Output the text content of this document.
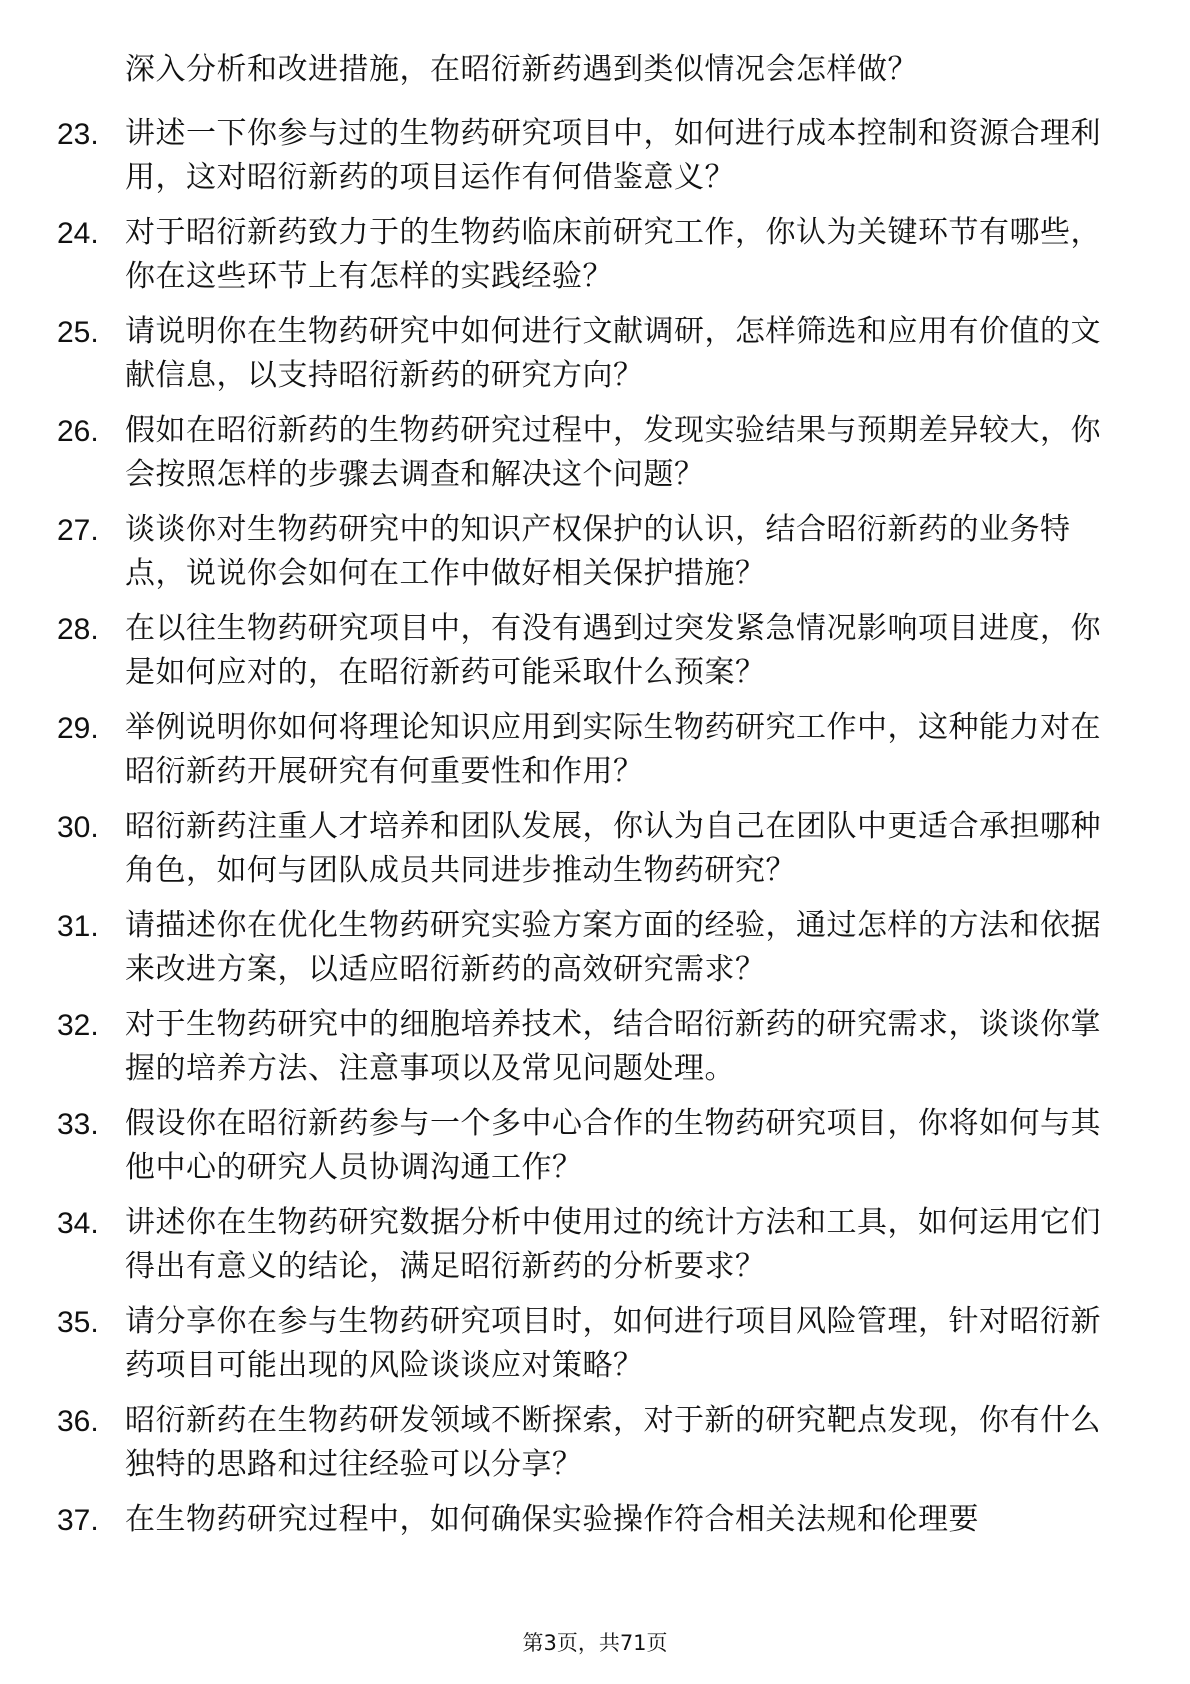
深入分析和改进措施，在昭衍新药遇到类似情况会怎样做？
23. 讲述一下你参与过的生物药研究项目中，如何进行成本控制和资源合理利用，这对昭衍新药的项目运作有何借鉴意义？
24. 对于昭衍新药致力于的生物药临床前研究工作，你认为关键环节有哪些，你在这些环节上有怎样的实践经验？
25. 请说明你在生物药研究中如何进行文献调研，怎样筛选和应用有价值的文献信息，以支持昭衍新药的研究方向？
26. 假如在昭衍新药的生物药研究过程中，发现实验结果与预期差异较大，你会按照怎样的步骤去调查和解决这个问题？
27. 谈谈你对生物药研究中的知识产权保护的认识，结合昭衍新药的业务特点，说说你会如何在工作中做好相关保护措施？
28. 在以往生物药研究项目中，有没有遇到过突发紧急情况影响项目进度，你是如何应对的，在昭衍新药可能采取什么预案？
29. 举例说明你如何将理论知识应用到实际生物药研究工作中，这种能力对在昭衍新药开展研究有何重要性和作用？
30. 昭衍新药注重人才培养和团队发展，你认为自己在团队中更适合承担哪种角色，如何与团队成员共同进步推动生物药研究？
31. 请描述你在优化生物药研究实验方案方面的经验，通过怎样的方法和依据来改进方案，以适应昭衍新药的高效研究需求？
32. 对于生物药研究中的细胞培养技术，结合昭衍新药的研究需求，谈谈你掌握的培养方法、注意事项以及常见问题处理。
33. 假设你在昭衍新药参与一个多中心合作的生物药研究项目，你将如何与其他中心的研究人员协调沟通工作？
34. 讲述你在生物药研究数据分析中使用过的统计方法和工具，如何运用它们得出有意义的结论，满足昭衍新药的分析要求？
35. 请分享你在参与生物药研究项目时，如何进行项目风险管理，针对昭衍新药项目可能出现的风险谈谈应对策略？
36. 昭衍新药在生物药研发领域不断探索，对于新的研究靶点发现，你有什么独特的思路和过往经验可以分享？
37. 在生物药研究过程中，如何确保实验操作符合相关法规和伦理要
第3页，共71页
